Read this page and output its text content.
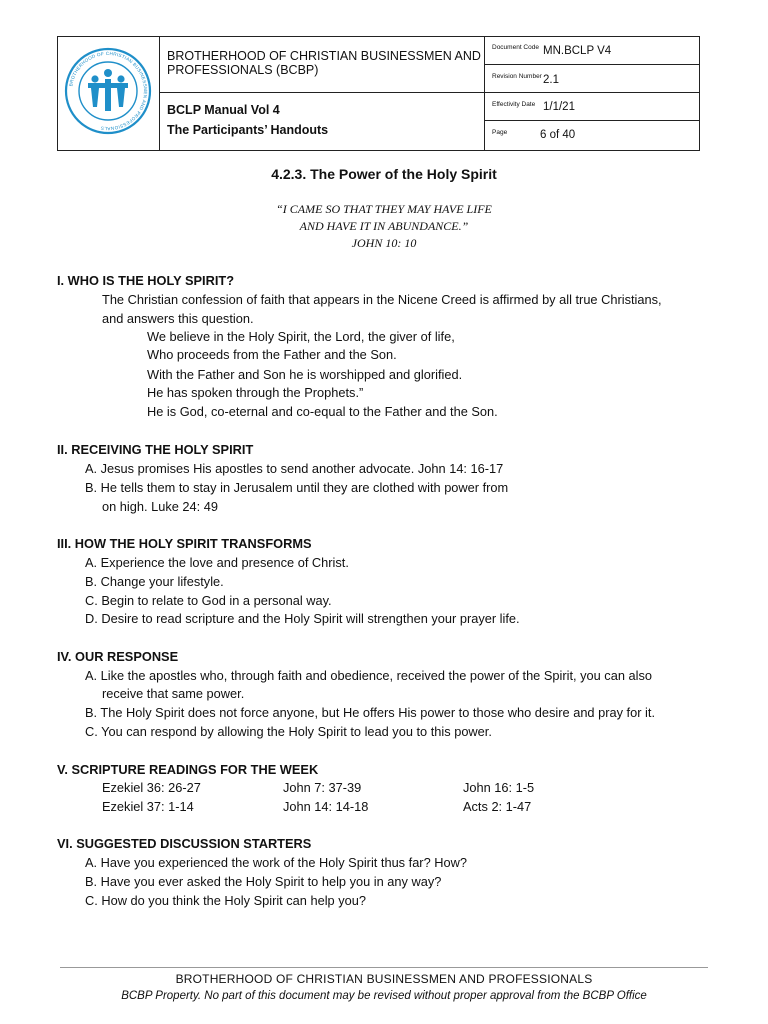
BROTHERHOOD OF CHRISTIAN BUSINESSMEN AND PROFESSIONALS
BROTHERHOOD OF CHRISTIAN BUSINESSMEN AND PROFESSIONALS (BCBP)
BCLP Manual Vol 4
The Participants’ Handouts
Document Code MN.BCLP V4
Revision Number 2.1
Effectivity Date 1/1/21
Page	6 of 40
4.2.3. The Power of the Holy Spirit
“I CAME SO THAT THEY MAY HAVE LIFE
AND HAVE IT IN ABUNDANCE.”
JOHN 10: 10
I. WHO IS THE HOLY SPIRIT?
The Christian confession of faith that appears in the Nicene Creed is affirmed by all true Christians,
and answers this question.
We believe in the Holy Spirit, the Lord, the giver of life,
Who proceeds from the Father and the Son.
With the Father and Son he is worshipped and glorified.
He has spoken through the Prophets.”
He is God, co-eternal and co-equal to the Father and the Son.
II. RECEIVING THE HOLY SPIRIT
A. Jesus promises His apostles to send another advocate. John 14: 16-17
B. He tells them to stay in Jerusalem until they are clothed with power from
on high. Luke 24: 49
III. HOW THE HOLY SPIRIT TRANSFORMS
A. Experience the love and presence of Christ.
B. Change your lifestyle.
C. Begin to relate to God in a personal way.
D. Desire to read scripture and the Holy Spirit will strengthen your prayer life.
IV. OUR RESPONSE
A. Like the apostles who, through faith and obedience, received the power of the Spirit, you can also
receive that same power.
B. The Holy Spirit does not force anyone, but He offers His power to those who desire and pray for it.
C. You can respond by allowing the Holy Spirit to lead you to this power.
V. SCRIPTURE READINGS FOR THE WEEK
Ezekiel 36: 26-27	John 7: 37-39	John 16: 1-5
Ezekiel 37: 1-14	John 14: 14-18	Acts 2: 1-47
VI. SUGGESTED DISCUSSION STARTERS
A. Have you experienced the work of the Holy Spirit thus far? How?
B. Have you ever asked the Holy Spirit to help you in any way?
C. How do you think the Holy Spirit can help you?
BROTHERHOOD OF CHRISTIAN BUSINESSMEN AND PROFESSIONALS
BCBP Property. No part of this document may be revised without proper approval from the BCBP Office
